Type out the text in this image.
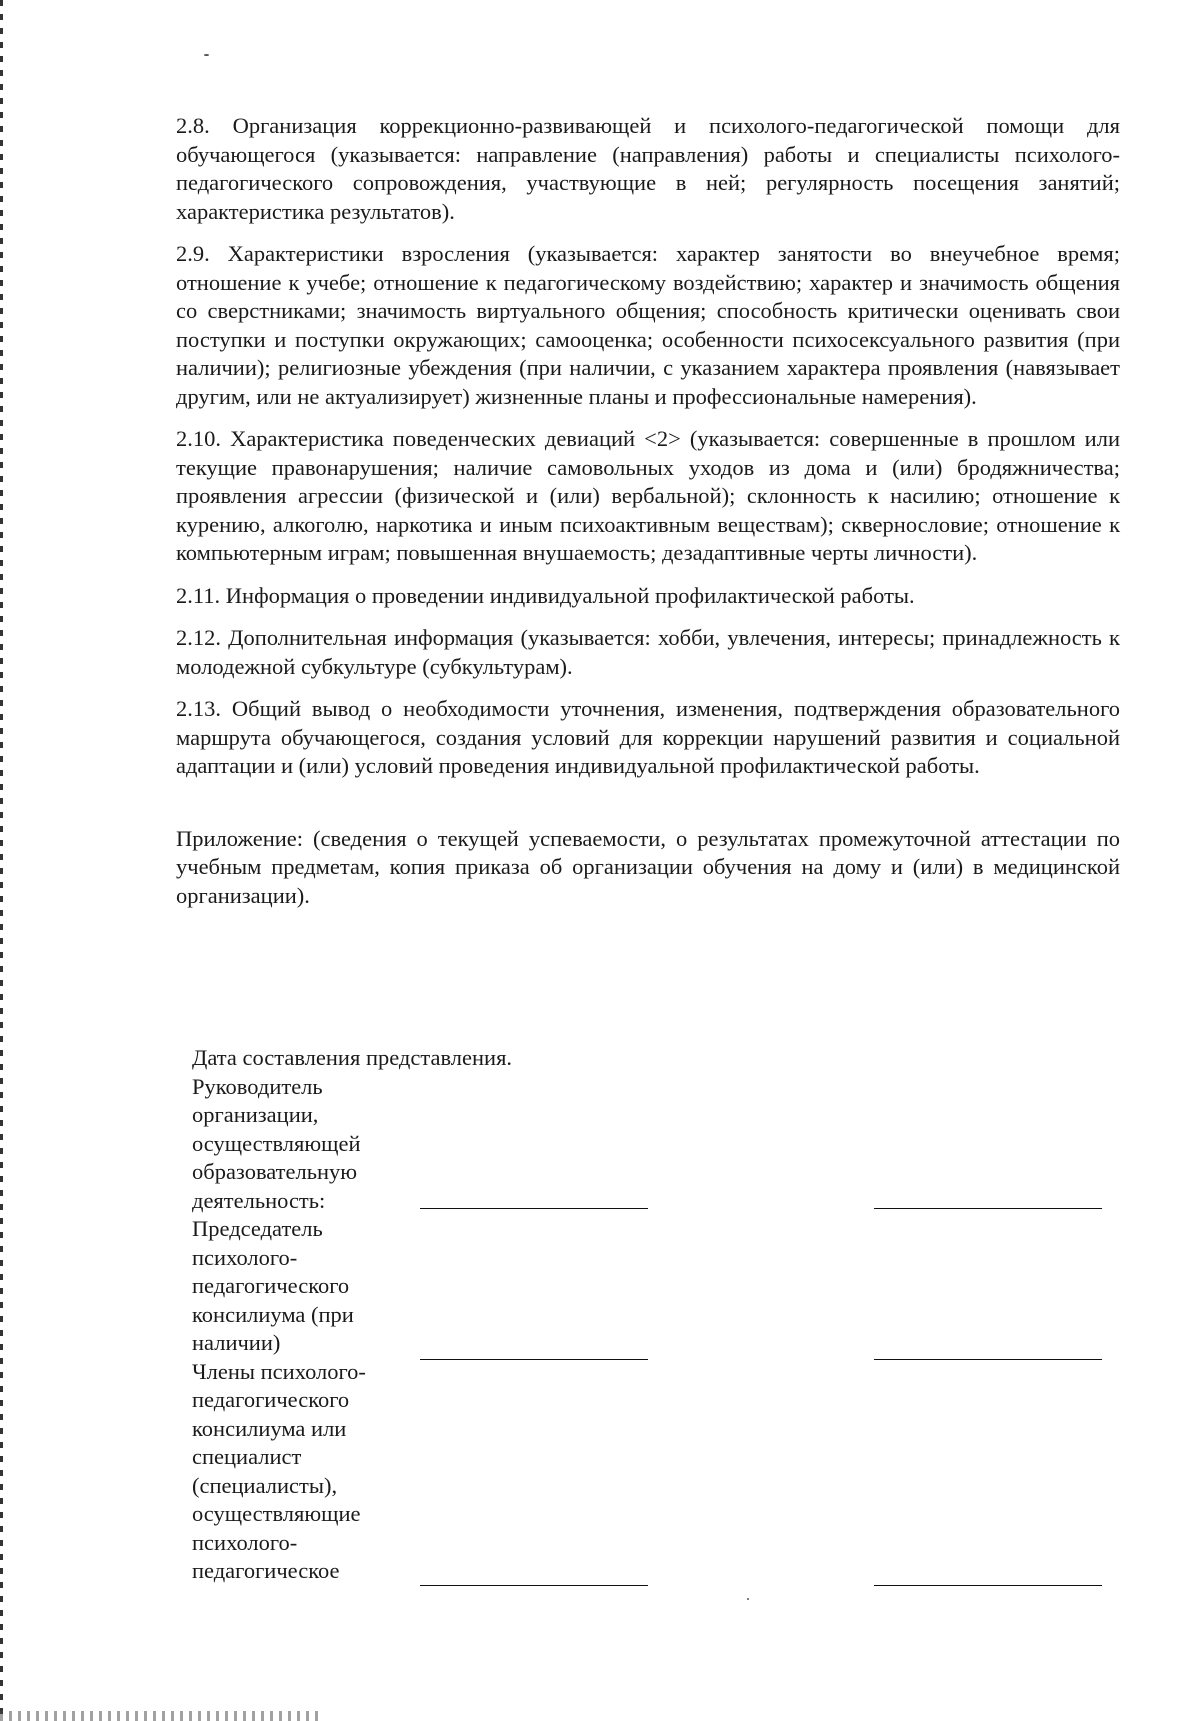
2.8. Организация коррекционно-развивающей и психолого-педагогической помощи для обучающегося (указывается: направление (направления) работы и специалисты психолого-педагогического сопровождения, участвующие в ней; регулярность посещения занятий; характеристика результатов).

2.9. Характеристики взросления (указывается: характер занятости во внеучебное время; отношение к учебе; отношение к педагогическому воздействию; характер и значимость общения со сверстниками; значимость виртуального общения; способность критически оценивать свои поступки и поступки окружающих; самооценка; особенности психосексуального развития (при наличии); религиозные убеждения (при наличии, с указанием характера проявления (навязывает другим, или не актуализирует) жизненные планы и профессиональные намерения).

2.10. Характеристика поведенческих девиаций <2> (указывается: совершенные в прошлом или текущие правонарушения; наличие самовольных уходов из дома и (или) бродяжничества; проявления агрессии (физической и (или) вербальной); склонность к насилию; отношение к курению, алкоголю, наркотика и иным психоактивным веществам); сквернословие; отношение к компьютерным играм; повышенная внушаемость; дезадаптивные черты личности).

2.11. Информация о проведении индивидуальной профилактической работы.

2.12. Дополнительная информация (указывается: хобби, увлечения, интересы; принадлежность к молодежной субкультуре (субкультурам).

2.13. Общий вывод о необходимости уточнения, изменения, подтверждения образовательного маршрута обучающегося, создания условий для коррекции нарушений развития и социальной адаптации и (или) условий проведения индивидуальной профилактической работы.

Приложение: (сведения о текущей успеваемости, о результатах промежуточной аттестации по учебным предметам, копия приказа об организации обучения на дому и (или) в медицинской организации).

Дата составления представления.
Руководитель организации, осуществляющей образовательную деятельность:
Председатель психолого-педагогического консилиума (при наличии)
Члены психолого-педагогического консилиума или специалист (специалисты), осуществляющие психолого-педагогическое
